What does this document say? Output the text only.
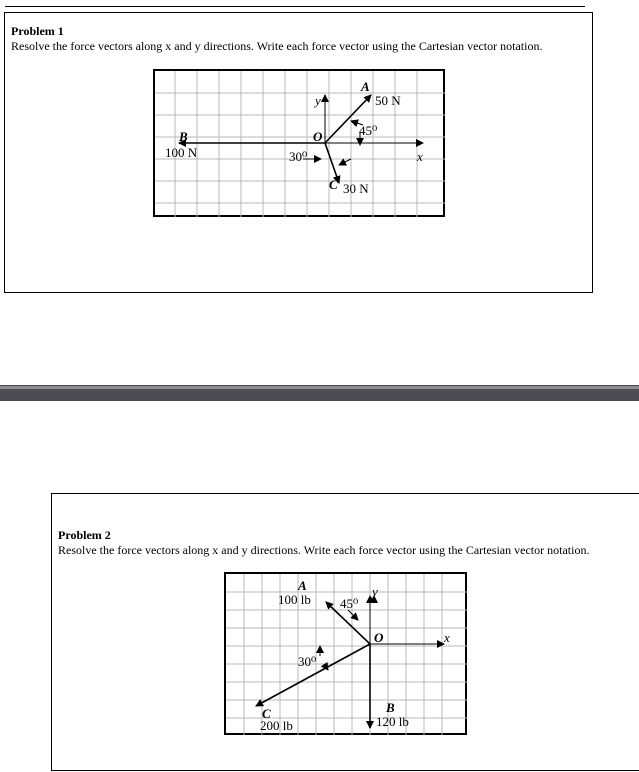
Problem 1
Resolve the force vectors along x and y directions. Write each force vector using the Cartesian vector notation.
y
x
O
A
50 N
45⁰
B
100 N
C 30 N
30⁰
Problem 2
Resolve the force vectors along x and y directions. Write each force vector using the Cartesian vector notation.
y
x
O
A
100 lb 45⁰
B
120 lb
C
200 lb
30⁰
